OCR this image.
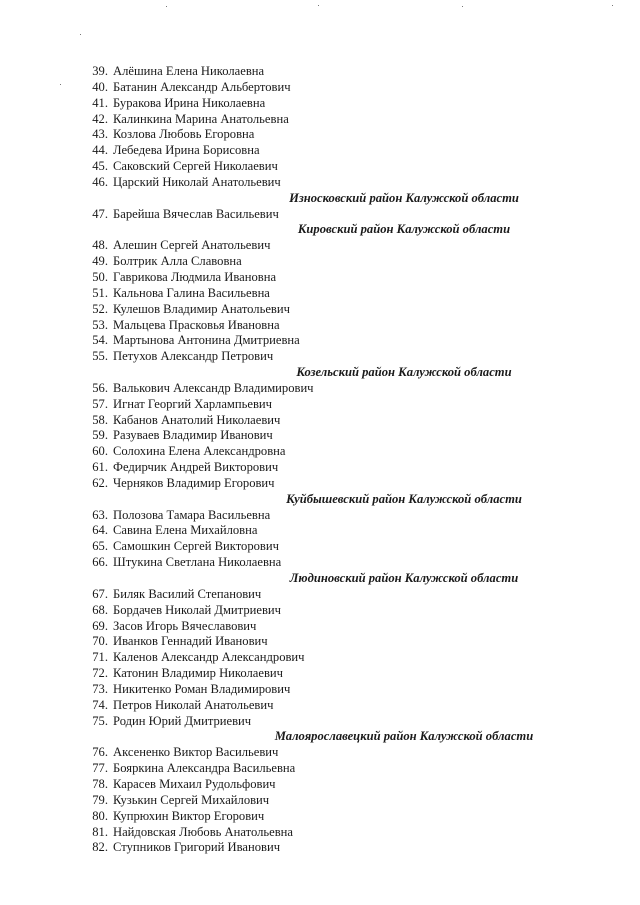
39. Алёшина Елена Николаевна
40. Батанин Александр Альбертович
41. Буракова Ирина Николаевна
42. Калинкина Марина Анатольевна
43. Козлова Любовь Егоровна
44. Лебедева Ирина Борисовна
45. Саковский Сергей Николаевич
46. Царский Николай Анатольевич
Износковский район Калужской области
47. Барейша Вячеслав Васильевич
Кировский район Калужской области
48. Алешин Сергей Анатольевич
49. Болтрик Алла Славовна
50. Гаврикова Людмила Ивановна
51. Кальнова Галина Васильевна
52. Кулешов Владимир Анатольевич
53. Мальцева Прасковья Ивановна
54. Мартынова Антонина Дмитриевна
55. Петухов Александр Петрович
Козельский район Калужской области
56. Валькович Александр Владимирович
57. Игнат Георгий Харлампьевич
58. Кабанов Анатолий Николаевич
59. Разуваев Владимир Иванович
60. Солохина Елена Александровна
61. Федирчик Андрей Викторович
62. Черняков Владимир Егорович
Куйбышевский район Калужской области
63. Полозова Тамара Васильевна
64. Савина Елена Михайловна
65. Самошкин Сергей Викторович
66. Штукина Светлана Николаевна
Людиновский район Калужской области
67. Биляк Василий Степанович
68. Бордачев Николай Дмитриевич
69. Засов Игорь Вячеславович
70. Иванков Геннадий Иванович
71. Каленов Александр Александрович
72. Катонин Владимир Николаевич
73. Никитенко Роман Владимирович
74. Петров Николай Анатольевич
75. Родин Юрий Дмитриевич
Малоярославецкий район Калужской области
76. Аксененко Виктор Васильевич
77. Бояркина Александра Васильевна
78. Карасев Михаил Рудольфович
79. Кузькин Сергей Михайлович
80. Купрюхин Виктор Егорович
81. Найдовская Любовь Анатольевна
82. Ступников Григорий Иванович
